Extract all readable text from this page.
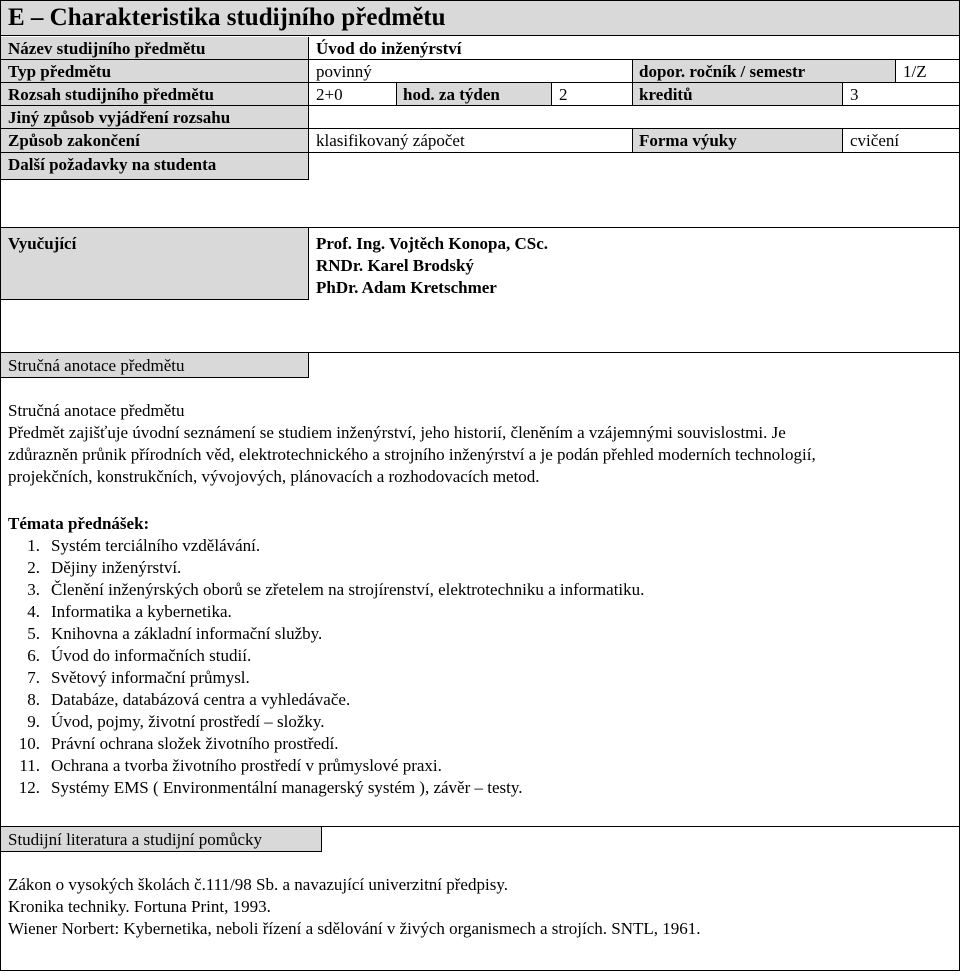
E – Charakteristika studijního předmětu
Název studijního předmětu	Úvod do inženýrství
Typ předmětu	povinný	dopor. ročník / semestr	1/Z
Rozsah studijního předmětu	2+0	hod. za týden	2	kreditů	3
Jiný způsob vyjádření rozsahu
Způsob zakončení	klasifikovaný zápočet	Forma výuky	cvičení
Další požadavky na studenta
Vyučující	Prof. Ing. Vojtěch Konopa, CSc.
RNDr. Karel Brodský
PhDr. Adam Kretschmer
Stručná anotace předmětu
Stručná anotace předmětu
Předmět zajišťuje úvodní seznámení se studiem inženýrství, jeho historií, členěním a vzájemnými souvislostmi. Je
zdůrazněn průnik přírodních věd, elektrotechnického a strojního inženýrství a je podán přehled moderních technologií,
projekčních, konstrukčních, vývojových, plánovacích a rozhodovacích metod.
Témata přednášek:
1. Systém terciálního vzdělávání.
2. Dějiny inženýrství.
3. Členění inženýrských oborů se zřetelem na strojírenství, elektrotechniku a informatiku.
4. Informatika a kybernetika.
5. Knihovna a základní informační služby.
6. Úvod do informačních studií.
7. Světový informační průmysl.
8. Databáze, databázová centra a vyhledávače.
9. Úvod, pojmy, životní prostředí – složky.
10. Právní ochrana složek životního prostředí.
11. Ochrana a tvorba životního prostředí v průmyslové praxi.
12. Systémy EMS ( Environmentální managerský systém ), závěr – testy.
Studijní literatura a studijní pomůcky
Zákon o vysokých školách č.111/98 Sb. a navazující univerzitní předpisy.
Kronika techniky. Fortuna Print, 1993.
Wiener Norbert: Kybernetika, neboli řízení a sdělování v živých organismech a strojích. SNTL, 1961.
